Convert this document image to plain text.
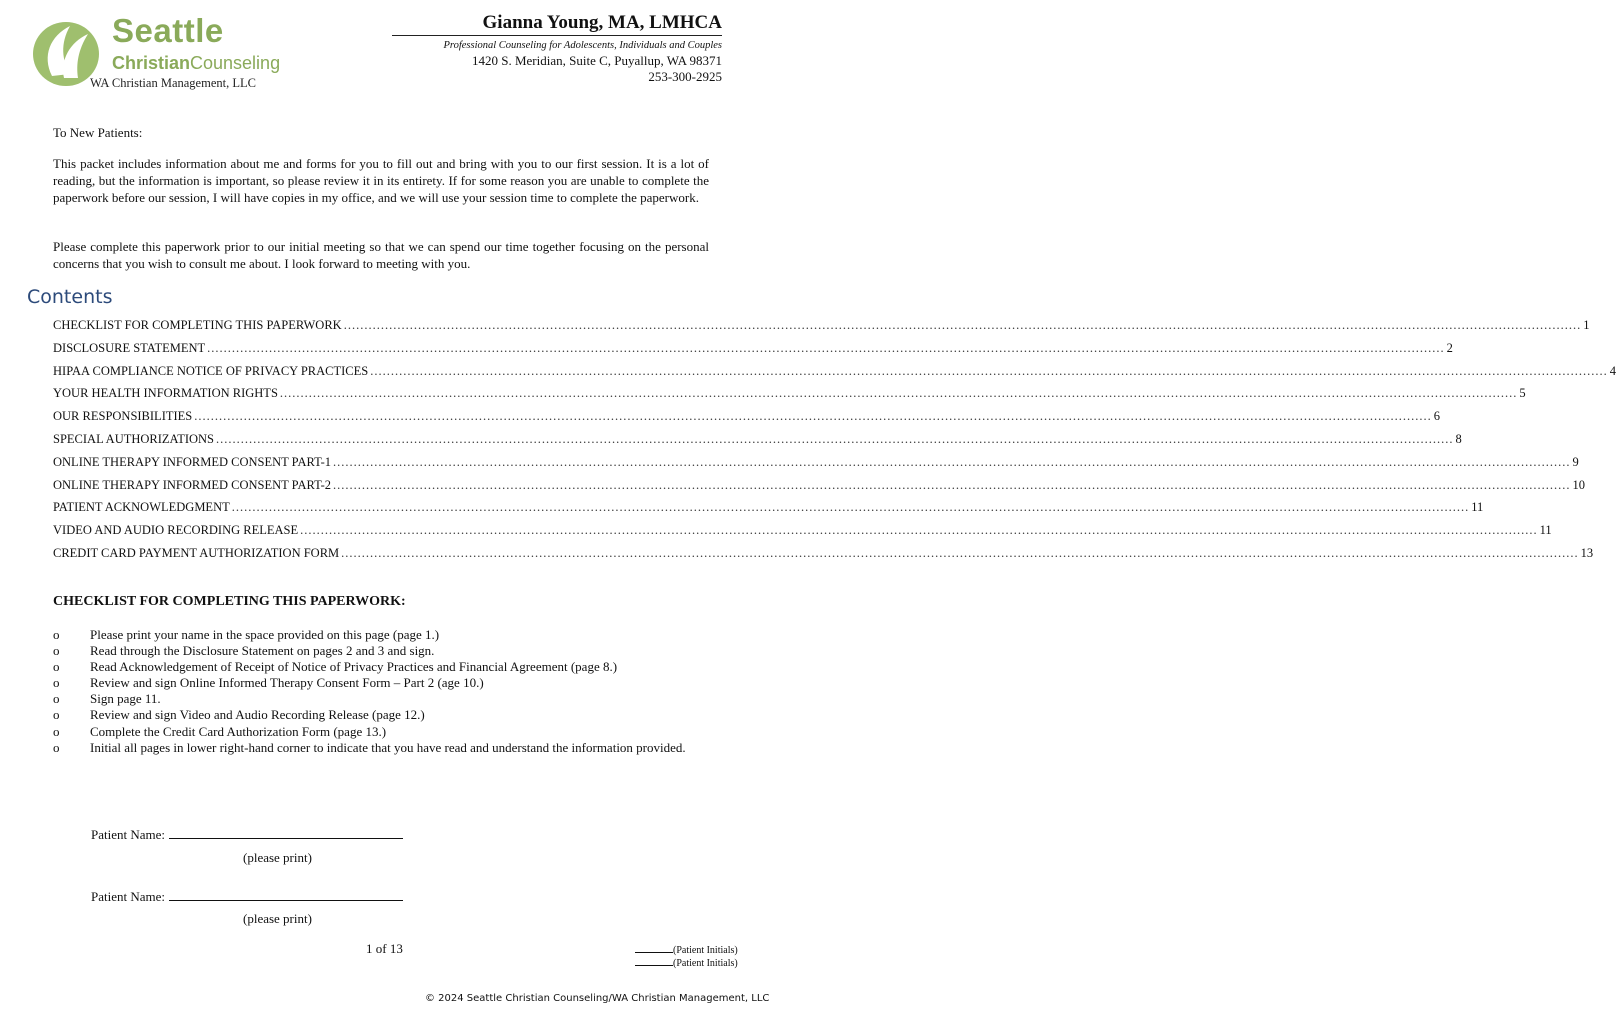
Seattle
ChristianCounseling
WA Christian Management, LLC
Gianna Young, MA, LMHCA
Professional Counseling for Adolescents, Individuals and Couples
1420 S. Meridian, Suite C, Puyallup, WA 98371
253-300-2925
To New Patients:
This packet includes information about me and forms for you to fill out and bring with you to our first session. It is a lot of reading, but the information is important, so please review it in its entirety. If for some reason you are unable to complete the paperwork before our session, I will have copies in my office, and we will use your session time to complete the paperwork.
Please complete this paperwork prior to our initial meeting so that we can spend our time together focusing on the personal concerns that you wish to consult me about. I look forward to meeting with you.
Contents
CHECKLIST FOR COMPLETING THIS PAPERWORK ............................................................................................................................................................................................................................................................................................................ 1
DISCLOSURE STATEMENT ............................................................................................................................................................................................................................................................................................................ 2
HIPAA COMPLIANCE NOTICE OF PRIVACY PRACTICES ............................................................................................................................................................................................................................................................................................................ 4
YOUR HEALTH INFORMATION RIGHTS ............................................................................................................................................................................................................................................................................................................ 5
OUR RESPONSIBILITIES ............................................................................................................................................................................................................................................................................................................ 6
SPECIAL AUTHORIZATIONS ............................................................................................................................................................................................................................................................................................................ 8
ONLINE THERAPY INFORMED CONSENT PART-1 ............................................................................................................................................................................................................................................................................................................ 9
ONLINE THERAPY INFORMED CONSENT PART-2 ............................................................................................................................................................................................................................................................................................................ 10
PATIENT ACKNOWLEDGMENT ............................................................................................................................................................................................................................................................................................................ 11
VIDEO AND AUDIO RECORDING RELEASE ............................................................................................................................................................................................................................................................................................................ 11
CREDIT CARD PAYMENT AUTHORIZATION FORM ............................................................................................................................................................................................................................................................................................................ 13
CHECKLIST FOR COMPLETING THIS PAPERWORK:
o	Please print your name in the space provided on this page (page 1.)
o	Read through the Disclosure Statement on pages 2 and 3 and sign.
o	Read Acknowledgement of Receipt of Notice of Privacy Practices and Financial Agreement (page 8.)
o	Review and sign Online Informed Therapy Consent Form – Part 2 (age 10.)
o	Sign page 11.
o	Review and sign Video and Audio Recording Release (page 12.)
o	Complete the Credit Card Authorization Form (page 13.)
o	Initial all pages in lower right-hand corner to indicate that you have read and understand the information provided.
Patient Name:
(please print)
Patient Name:
(please print)
1 of 13	(Patient Initials)
(Patient Initials)
© 2024 Seattle Christian Counseling/WA Christian Management, LLC
